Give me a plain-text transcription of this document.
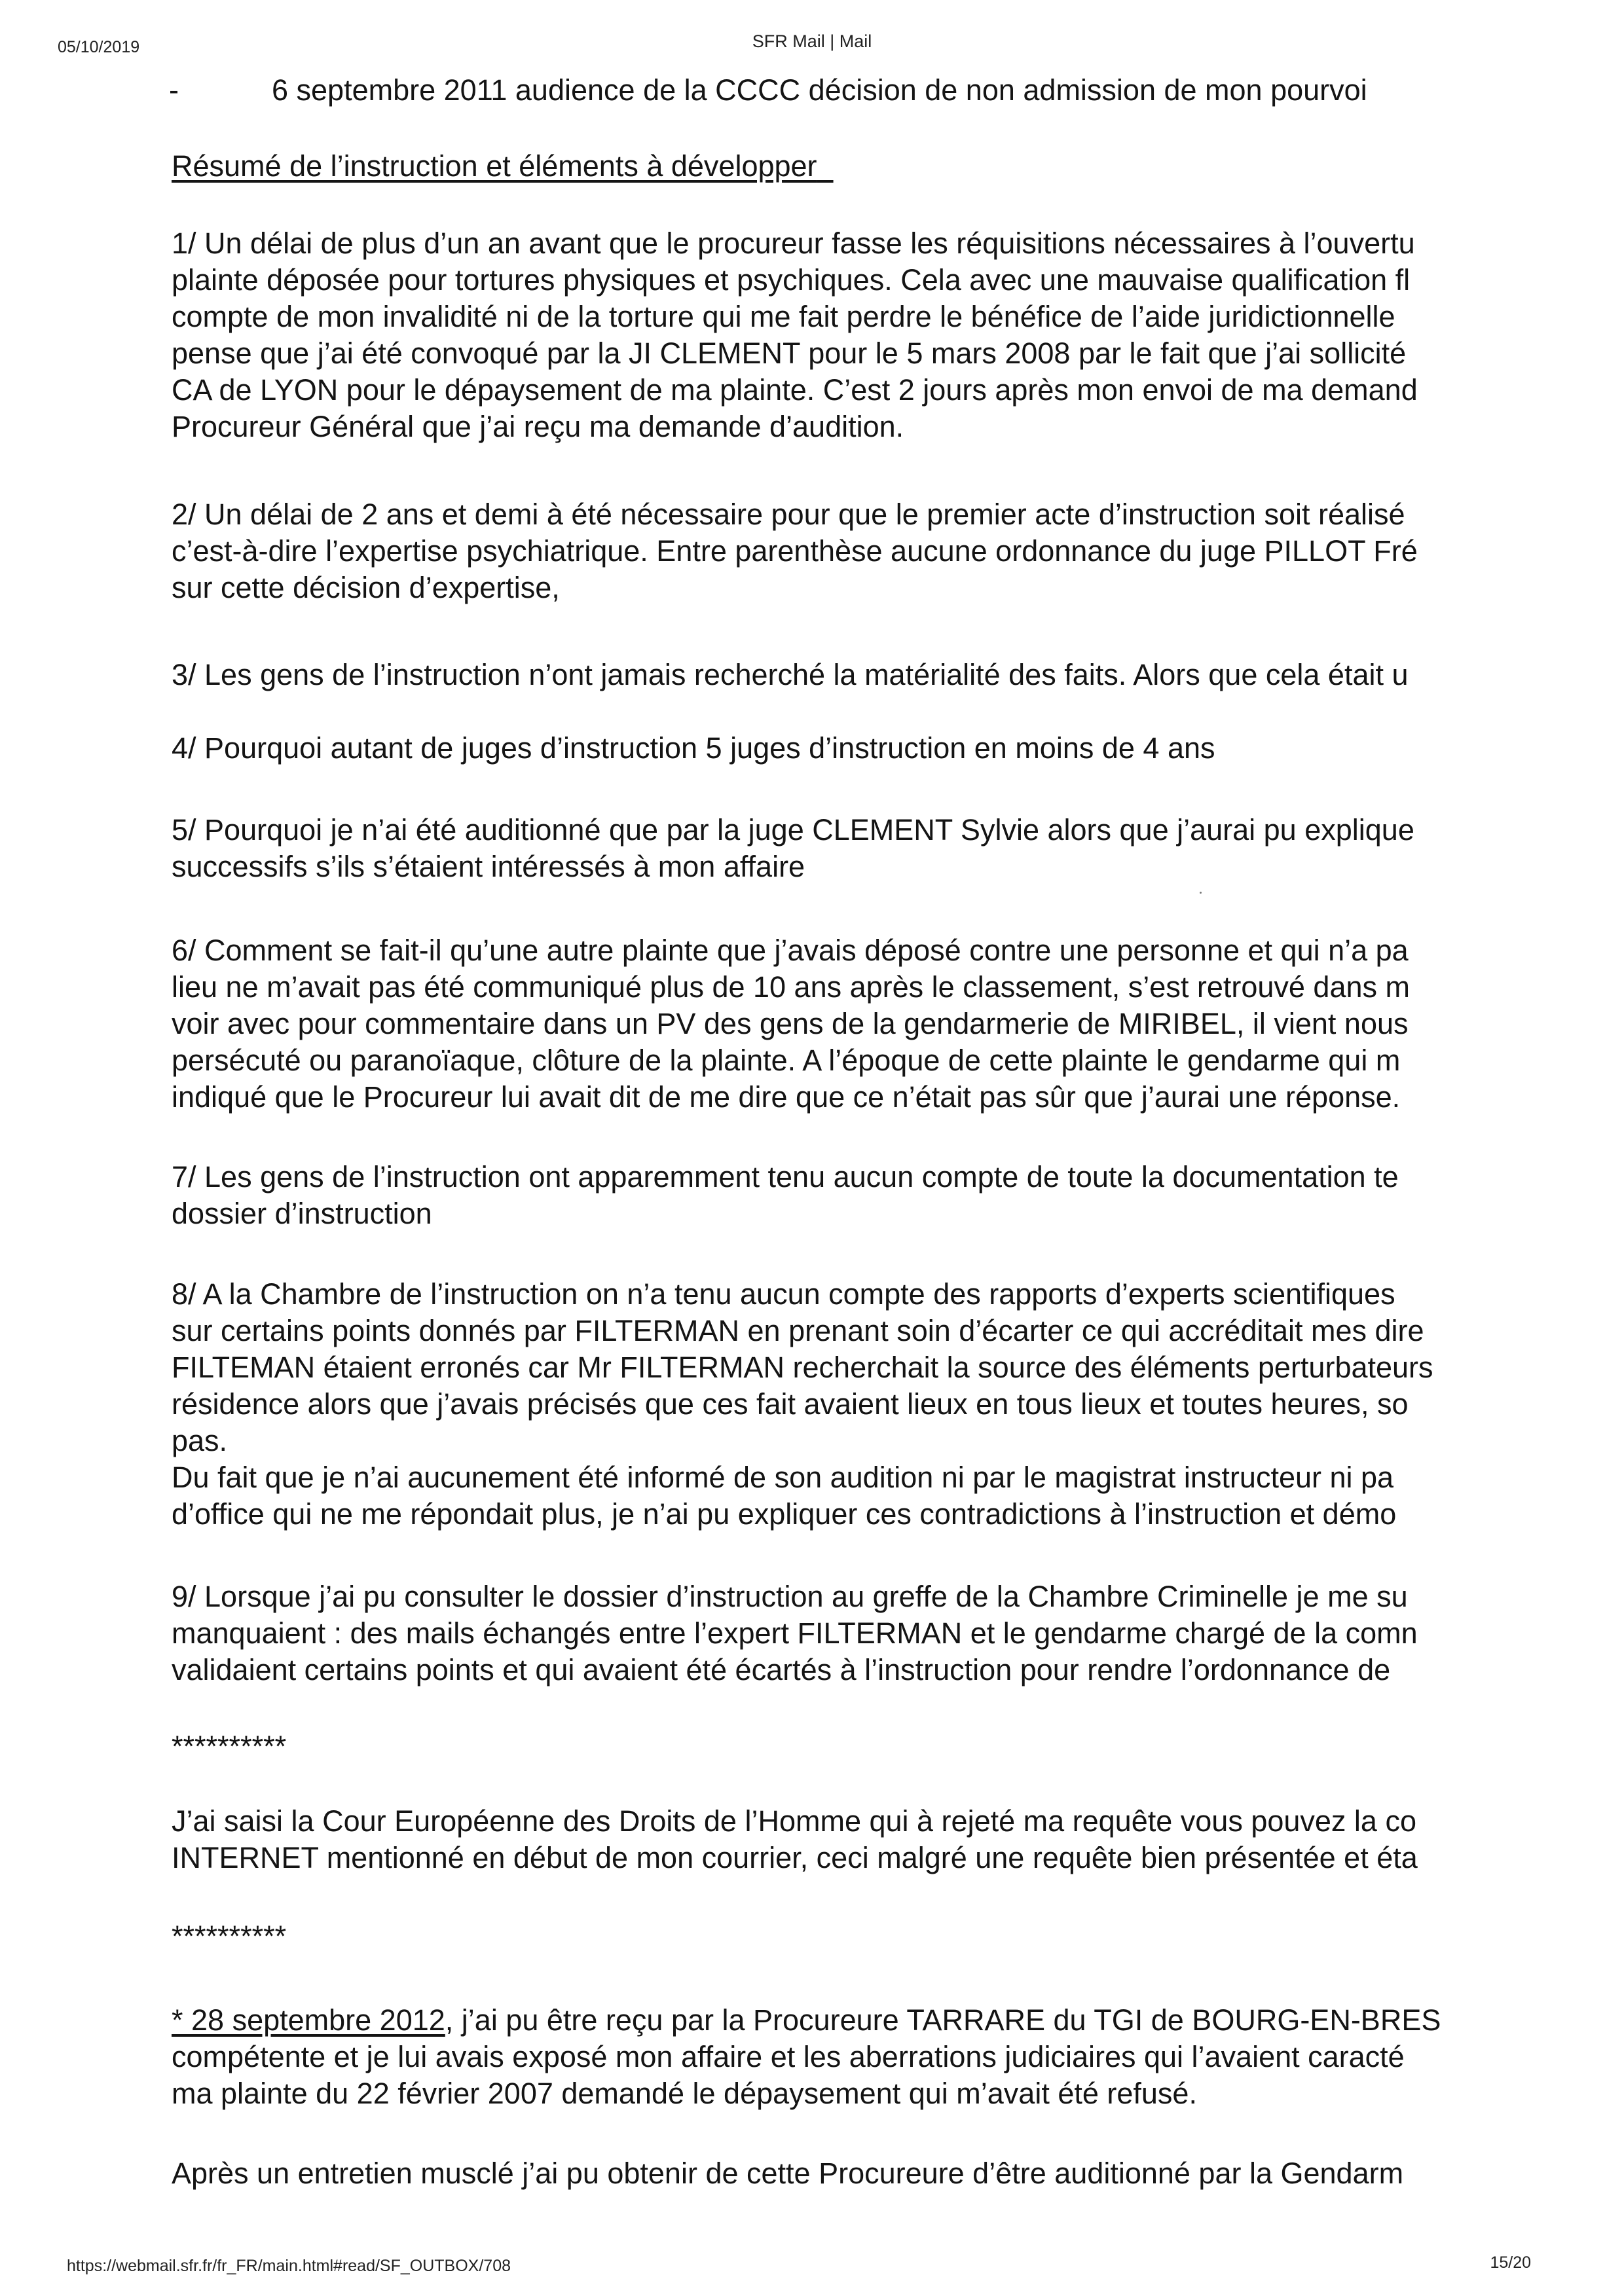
05/10/2019	SFR Mail | Mail
-	6 septembre 2011 audience de la CCCC décision de non admission de mon pourvoi
Résumé de l’instruction et éléments à développer
1/ Un délai de plus d’un an avant que le procureur fasse les réquisitions nécessaires à l’ouvertu
plainte déposée pour tortures physiques et psychiques. Cela avec une mauvaise qualification fl
compte de mon invalidité ni de la torture qui me fait perdre le bénéfice de l’aide juridictionnelle
pense que j’ai été convoqué par la JI CLEMENT pour le 5 mars 2008 par le fait que j’ai sollicité
CA de LYON pour le dépaysement de ma plainte. C’est 2 jours après mon envoi de ma demand
Procureur Général que j’ai reçu ma demande d’audition.
2/ Un délai de 2 ans et demi à été nécessaire pour que le premier acte d’instruction soit réalisé
c’est-à-dire l’expertise psychiatrique. Entre parenthèse aucune ordonnance du juge PILLOT Fré
sur cette décision d’expertise,
3/ Les gens de l’instruction n’ont jamais recherché la matérialité des faits. Alors que cela était u
4/ Pourquoi autant de juges d’instruction 5 juges d’instruction en moins de 4 ans
5/ Pourquoi je n’ai été auditionné que par la juge CLEMENT Sylvie alors que j’aurai pu explique
successifs s’ils s’étaient intéressés à mon affaire
6/ Comment se fait-il qu’une autre plainte que j’avais déposé contre une personne et qui n’a pa
lieu ne m’avait pas été communiqué plus de 10 ans après le classement, s’est retrouvé dans m
voir avec pour commentaire dans un PV des gens de la gendarmerie de MIRIBEL, il vient nous
persécuté ou paranoïaque, clôture de la plainte. A l’époque de cette plainte le gendarme qui m
indiqué que le Procureur lui avait dit de me dire que ce n’était pas sûr que j’aurai une réponse.
7/ Les gens de l’instruction ont apparemment tenu aucun compte de toute la documentation te
dossier d’instruction
8/ A la Chambre de l’instruction on n’a tenu aucun compte des rapports d’experts scientifiques
sur certains points donnés par FILTERMAN en prenant soin d’écarter ce qui accréditait mes dire
FILTEMAN étaient erronés car Mr FILTERMAN recherchait la source des éléments perturbateurs
résidence alors que j’avais précisés que ces fait avaient lieux en tous lieux et toutes heures, so
pas.
Du fait que je n’ai aucunement été informé de son audition ni par le magistrat instructeur ni pa
d’office qui ne me répondait plus, je n’ai pu expliquer ces contradictions à l’instruction et démo
9/ Lorsque j’ai pu consulter le dossier d’instruction au greffe de la Chambre Criminelle je me su
manquaient : des mails échangés entre l’expert FILTERMAN et le gendarme chargé de la comn
validaient certains points et qui avaient été écartés à l’instruction pour rendre l’ordonnance de
**********
J’ai saisi la Cour Européenne des Droits de l’Homme qui à rejeté ma requête vous pouvez la co
INTERNET mentionné en début de mon courrier, ceci malgré une requête bien présentée et éta
**********
* 28 septembre 2012, j’ai pu être reçu par la Procureure TARRARE du TGI de BOURG-EN-BRES
compétente et je lui avais exposé mon affaire et les aberrations judiciaires qui l’avaient caracté
ma plainte du 22 février 2007 demandé le dépaysement qui m’avait été refusé.
Après un entretien musclé j’ai pu obtenir de cette Procureure d’être auditionné par la Gendarm
https://webmail.sfr.fr/fr_FR/main.html#read/SF_OUTBOX/708	15/20
